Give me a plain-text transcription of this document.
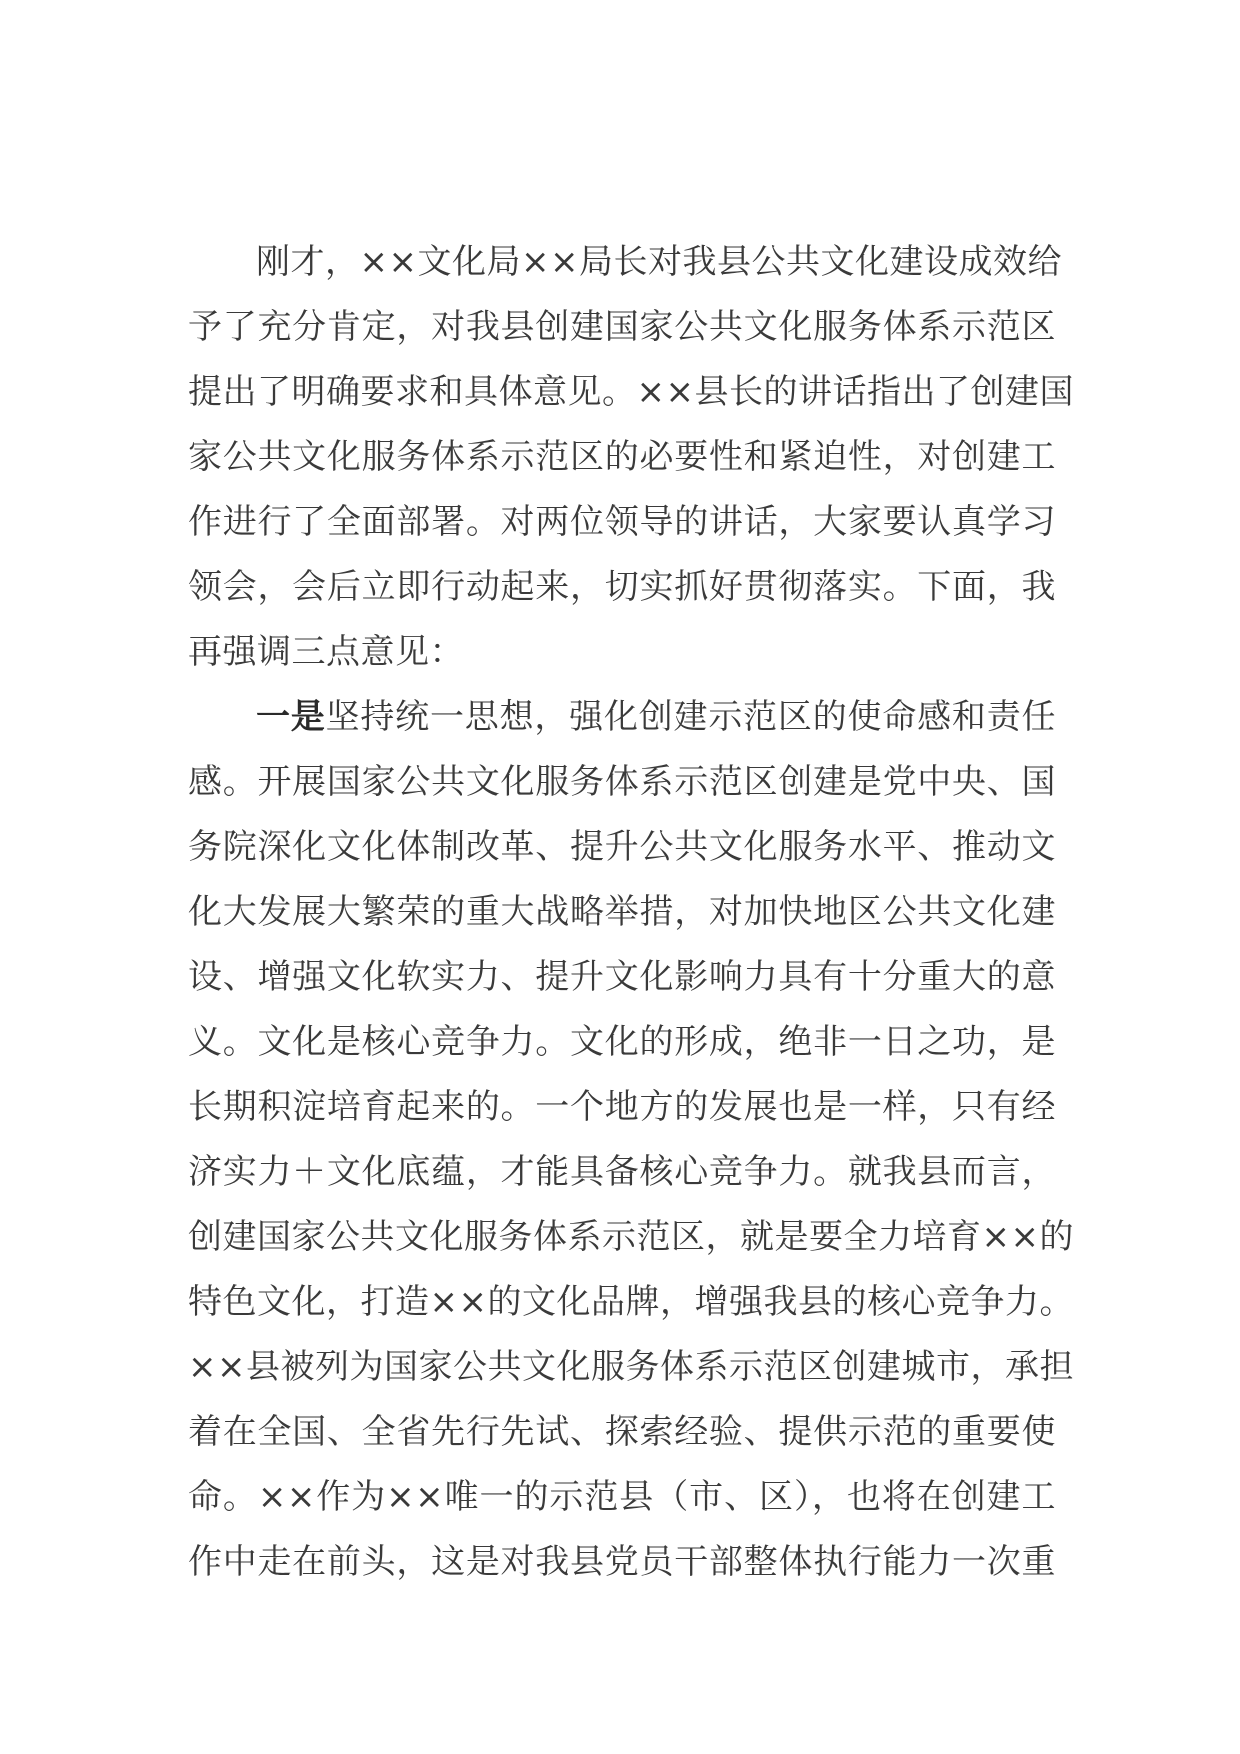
刚才，××文化局××局长对我县公共文化建设成效给
予了充分肯定，对我县创建国家公共文化服务体系示范区
提出了明确要求和具体意见。××县长的讲话指出了创建国
家公共文化服务体系示范区的必要性和紧迫性，对创建工
作进行了全面部署。对两位领导的讲话，大家要认真学习
领会，会后立即行动起来，切实抓好贯彻落实。下面，我
再强调三点意见：
一是坚持统一思想，强化创建示范区的使命感和责任
感。开展国家公共文化服务体系示范区创建是党中央、国
务院深化文化体制改革、提升公共文化服务水平、推动文
化大发展大繁荣的重大战略举措，对加快地区公共文化建
设、增强文化软实力、提升文化影响力具有十分重大的意
义。文化是核心竞争力。文化的形成，绝非一日之功，是
长期积淀培育起来的。一个地方的发展也是一样，只有经
济实力＋文化底蕴，才能具备核心竞争力。就我县而言，
创建国家公共文化服务体系示范区，就是要全力培育××的
特色文化，打造××的文化品牌，增强我县的核心竞争力。
××县被列为国家公共文化服务体系示范区创建城市，承担
着在全国、全省先行先试、探索经验、提供示范的重要使
命。××作为××唯一的示范县（市、区），也将在创建工
作中走在前头，这是对我县党员干部整体执行能力一次重
